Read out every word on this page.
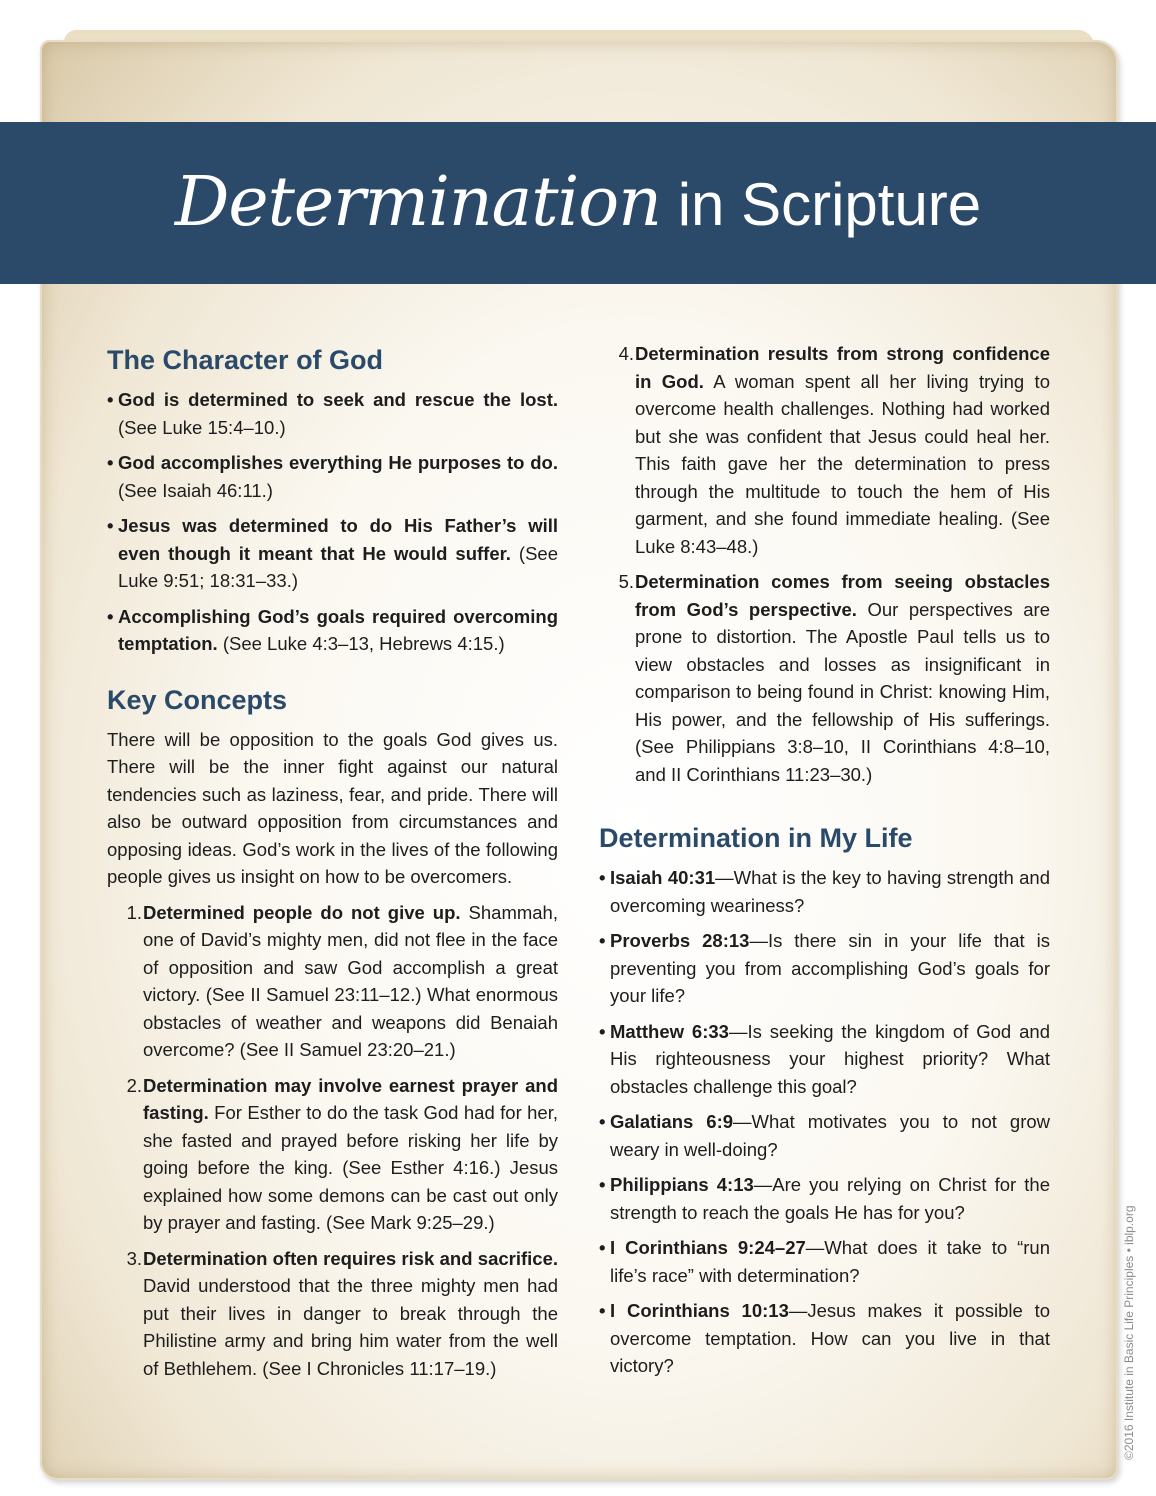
Determination in Scripture
The Character of God
• God is determined to seek and rescue the lost. (See Luke 15:4–10.)
• God accomplishes everything He purposes to do. (See Isaiah 46:11.)
• Jesus was determined to do His Father’s will even though it meant that He would suffer. (See Luke 9:51; 18:31–33.)
• Accomplishing God’s goals required overcoming temptation. (See Luke 4:3–13, Hebrews 4:15.)
Key Concepts

There will be opposition to the goals God gives us. There will be the inner fight against our natural tendencies such as laziness, fear, and pride. There will also be outward opposition from circumstances and opposing ideas. God’s work in the lives of the following people gives us insight on how to be overcomers.

1. Determined people do not give up. Shammah, one of David’s mighty men, did not flee in the face of opposition and saw God accomplish a great victory. (See II Samuel 23:11–12.) What enormous obstacles of weather and weapons did Benaiah overcome? (See II Samuel 23:20–21.)
2. Determination may involve earnest prayer and fasting. For Esther to do the task God had for her, she fasted and prayed before risking her life by going before the king. (See Esther 4:16.) Jesus explained how some demons can be cast out only by prayer and fasting. (See Mark 9:25–29.)
3. Determination often requires risk and sacrifice. David understood that the three mighty men had put their lives in danger to break through the Philistine army and bring him water from the well of Bethlehem. (See I Chronicles 11:17–19.)
4. Determination results from strong confidence in God. A woman spent all her living trying to overcome health challenges. Nothing had worked but she was confident that Jesus could heal her. This faith gave her the determination to press through the multitude to touch the hem of His garment, and she found immediate healing. (See Luke 8:43–48.)
5. Determination comes from seeing obstacles from God’s perspective. Our perspectives are prone to distortion. The Apostle Paul tells us to view obstacles and losses as insignificant in comparison to being found in Christ: knowing Him, His power, and the fellowship of His sufferings. (See Philippians 3:8–10, II Corinthians 4:8–10, and II Corinthians 11:23–30.)
Determination in My Life
• Isaiah 40:31—What is the key to having strength and overcoming weariness?
• Proverbs 28:13—Is there sin in your life that is preventing you from accomplishing God’s goals for your life?
• Matthew 6:33—Is seeking the kingdom of God and His righteousness your highest priority? What obstacles challenge this goal?
• Galatians 6:9—What motivates you to not grow weary in well-doing?
• Philippians 4:13—Are you relying on Christ for the strength to reach the goals He has for you?
• I Corinthians 9:24–27—What does it take to “run life’s race” with determination?
• I Corinthians 10:13—Jesus makes it possible to overcome temptation. How can you live in that victory?	©2016 Institute in Basic Life Principles • iblp.org
